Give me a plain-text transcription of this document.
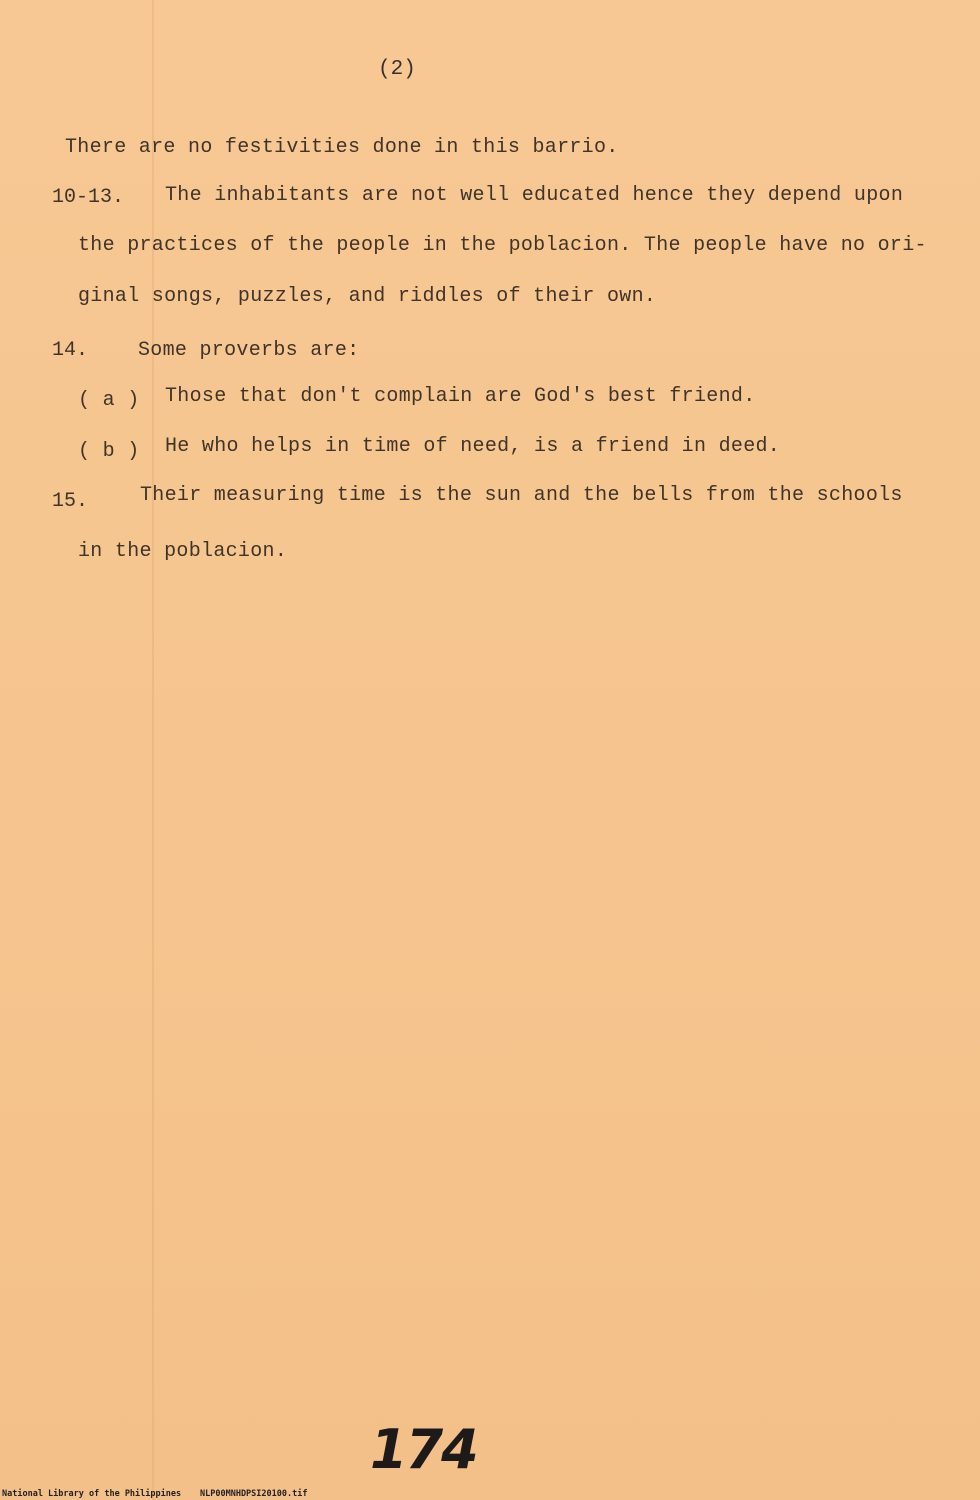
(2)
There are no festivities done in this barrio.
10-13. The inhabitants are not well educated hence they depend upon
the practices of the people in the poblacion. The people have no ori-
ginal songs, puzzles, and riddles of their own.
14. Some proverbs are:
( a ) Those that don't complain are God's best friend.
( b ) He who helps in time of need, is a friend in deed.
15.	Their measuring time is the sun and the bells from the schools
in the poblacion.
174
National Library of the Philippines NLP00MNHDPSI20100.tif
